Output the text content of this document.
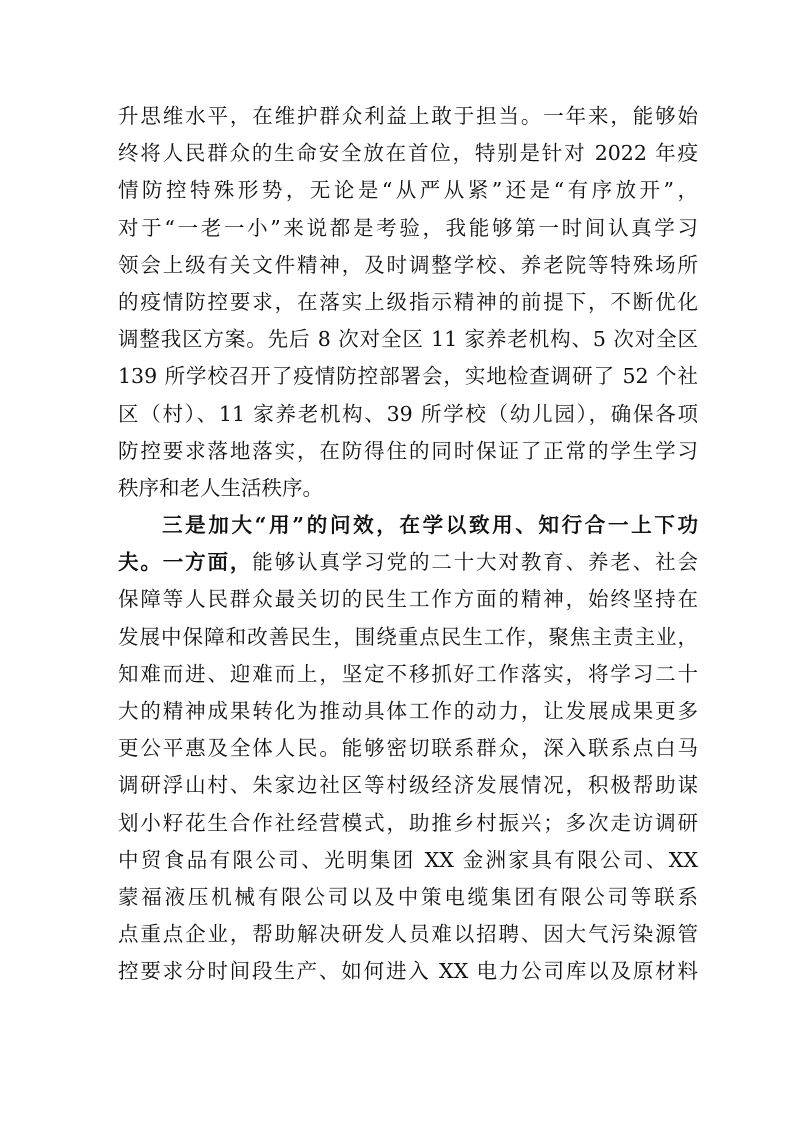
升思维水平，在维护群众利益上敢于担当。一年来，能够始
终将人民群众的生命安全放在首位，特别是针对 2022 年疫
情防控特殊形势，无论是“从严从紧”还是“有序放开”，
对于“一老一小”来说都是考验，我能够第一时间认真学习
领会上级有关文件精神，及时调整学校、养老院等特殊场所
的疫情防控要求，在落实上级指示精神的前提下，不断优化
调整我区方案。先后 8 次对全区 11 家养老机构、5 次对全区
139 所学校召开了疫情防控部署会，实地检查调研了 52 个社
区（村）、11 家养老机构、39 所学校（幼儿园），确保各项
防控要求落地落实，在防得住的同时保证了正常的学生学习
秩序和老人生活秩序。
三是加大“用”的问效，在学以致用、知行合一上下功
夫。一方面，能够认真学习党的二十大对教育、养老、社会
保障等人民群众最关切的民生工作方面的精神，始终坚持在
发展中保障和改善民生，围绕重点民生工作，聚焦主责主业，
知难而进、迎难而上，坚定不移抓好工作落实，将学习二十
大的精神成果转化为推动具体工作的动力，让发展成果更多
更公平惠及全体人民。能够密切联系群众，深入联系点白马
调研浮山村、朱家边社区等村级经济发展情况，积极帮助谋
划小籽花生合作社经营模式，助推乡村振兴；多次走访调研
中贸食品有限公司、光明集团 XX 金洲家具有限公司、XX
蒙福液压机械有限公司以及中策电缆集团有限公司等联系
点重点企业，帮助解决研发人员难以招聘、因大气污染源管
控要求分时间段生产、如何进入 XX 电力公司库以及原材料
